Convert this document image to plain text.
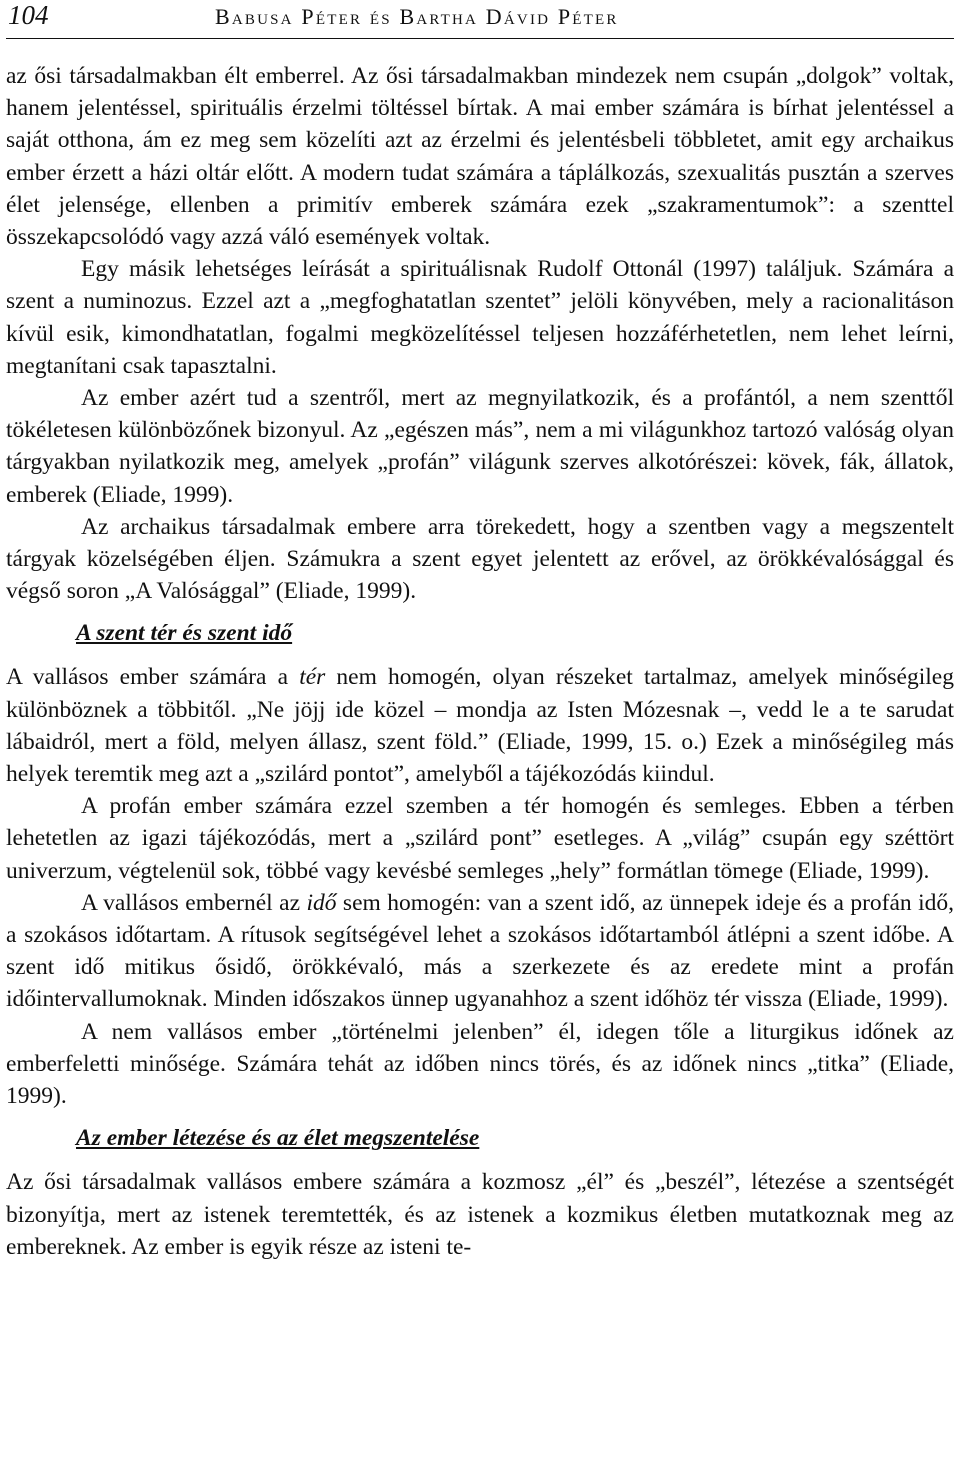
104	Babusa Péter és Bartha Dávid Péter

az ősi társadalmakban élt emberrel. Az ősi társadalmakban mindezek nem csupán „dolgok” voltak, hanem jelentéssel, spirituális érzelmi töltéssel bírtak. A mai ember számára is bírhat jelentéssel a saját otthona, ám ez meg sem közelíti azt az érzelmi és jelentésbeli többletet, amit egy archaikus ember érzett a házi oltár előtt. A modern tudat számára a táplálkozás, szexualitás pusztán a szerves élet jelensége, ellenben a primitív emberek számára ezek „szakramentumok”: a szenttel összekapcsolódó vagy azzá váló események voltak.

Egy másik lehetséges leírását a spirituálisnak Rudolf Ottonál (1997) találjuk. Számára a szent a numinozus. Ezzel azt a „megfoghatatlan szentet” jelöli könyvében, mely a racionalitáson kívül esik, kimondhatatlan, fogalmi megközelítéssel teljesen hozzáférhetetlen, nem lehet leírni, megtanítani csak tapasztalni.

Az ember azért tud a szentről, mert az megnyilatkozik, és a profántól, a nem szenttől tökéletesen különbözőnek bizonyul. Az „egészen más”, nem a mi világunkhoz tartozó valóság olyan tárgyakban nyilatkozik meg, amelyek „profán” világunk szerves alkotórészei: kövek, fák, állatok, emberek (Eliade, 1999).

Az archaikus társadalmak embere arra törekedett, hogy a szentben vagy a megszentelt tárgyak közelségében éljen. Számukra a szent egyet jelentett az erővel, az örökkévalósággal és végső soron „A Valósággal” (Eliade, 1999).

A szent tér és szent idő

A vallásos ember számára a tér nem homogén, olyan részeket tartalmaz, amelyek minőségileg különböznek a többitől. „Ne jöjj ide közel – mondja az Isten Mózesnak –, vedd le a te sarudat lábaidról, mert a föld, melyen állasz, szent föld.” (Eliade, 1999, 15. o.) Ezek a minőségileg más helyek teremtik meg azt a „szilárd pontot”, amelyből a tájékozódás kiindul.

A profán ember számára ezzel szemben a tér homogén és semleges. Ebben a térben lehetetlen az igazi tájékozódás, mert a „szilárd pont” esetleges. A „világ” csupán egy széttört univerzum, végtelenül sok, többé vagy kevésbé semleges „hely” formátlan tömege (Eliade, 1999).

A vallásos embernél az idő sem homogén: van a szent idő, az ünnepek ideje és a profán idő, a szokásos időtartam. A rítusok segítségével lehet a szokásos időtartamból átlépni a szent időbe. A szent idő mitikus ősidő, örökkévaló, más a szerkezete és az eredete mint a profán időintervallumoknak. Minden időszakos ünnep ugyanahhoz a szent időhöz tér vissza (Eliade, 1999).

A nem vallásos ember „történelmi jelenben” él, idegen tőle a liturgikus időnek az emberfeletti minősége. Számára tehát az időben nincs törés, és az időnek nincs „titka” (Eliade, 1999).

Az ember létezése és az élet megszentelése

Az ősi társadalmak vallásos embere számára a kozmosz „él” és „beszél”, létezése a szentségét bizonyítja, mert az istenek teremtették, és az istenek a kozmikus életben mutatkoznak meg az embereknek. Az ember is egyik része az isteni te-
